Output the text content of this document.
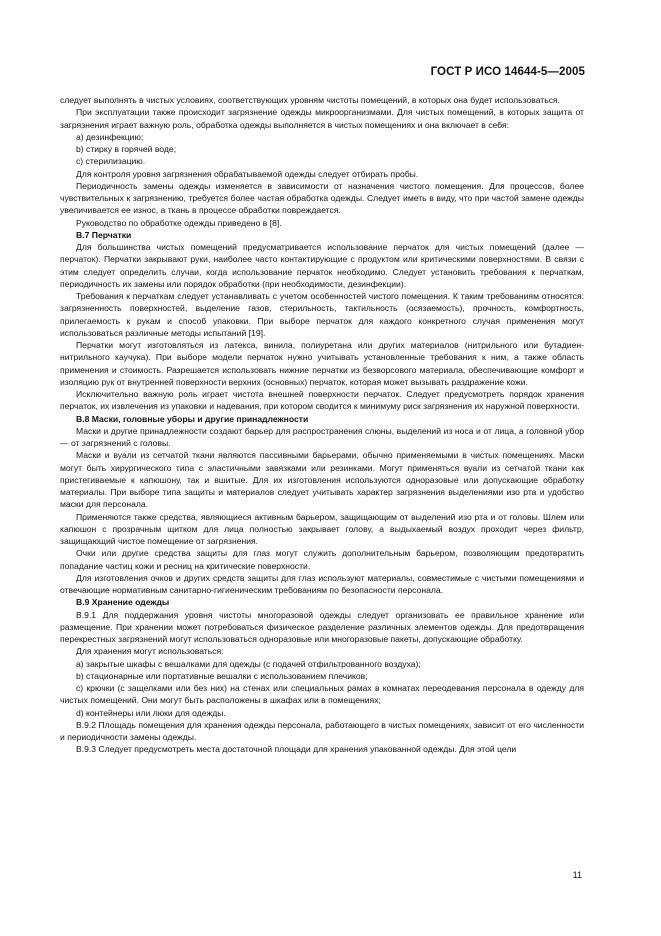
ГОСТ Р ИСО 14644-5—2005

следует выполнять в чистых условиях, соответствующих уровням чистоты помещений, в которых она будет использоваться.

При эксплуатации также происходит загрязнение одежды микроорганизмами. Для чистых помещений, в которых защита от загрязнения играет важную роль, обработка одежды выполняется в чистых помещениях и она включает в себя:

a) дезинфекцию;

b) стирку в горячей воде;

c) стерилизацию.

Для контроля уровня загрязнения обрабатываемой одежды следует отбирать пробы.

Периодичность замены одежды изменяется в зависимости от назначения чистого помещения. Для процессов, более чувствительных к загрязнению, требуется более частая обработка одежды. Следует иметь в виду, что при частой замене одежды увеличивается ее износ, а ткань в процессе обработки повреждается.

Руководство по обработке одежды приведено в [8].

В.7 Перчатки

Для большинства чистых помещений предусматривается использование перчаток для чистых помещений (далее — перчаток). Перчатки закрывают руки, наиболее часто контактирующие с продуктом или критическими поверхностями. В связи с этим следует определить случаи, когда использование перчаток необходимо. Следует установить требования к перчаткам, периодичность их замены или порядок обработки (при необходимости, дезинфекции).

Требования к перчаткам следует устанавливать с учетом особенностей чистого помещения. К таким требованиям относятся: загрязненность поверхностей, выделение газов, стерильность, тактильность (осязаемость), прочность, комфортность, прилегаемость к рукам и способ упаковки. При выборе перчаток для каждого конкретного случая применения могут использоваться различные методы испытаний [19].

Перчатки могут изготовляться из латекса, винила, полиуретана или других материалов (нитрильного или бутадиен-нитрильного каучука). При выборе модели перчаток нужно учитывать установленные требования к ним, а также область применения и стоимость. Разрешается использовать нижние перчатки из безворсового материала, обеспечивающие комфорт и изоляцию рук от внутренней поверхности верхних (основных) перчаток, которая может вызывать раздражение кожи.

Исключительно важную роль играет чистота внешней поверхности перчаток. Следует предусмотреть порядок хранения перчаток, их извлечения из упаковки и надевания, при котором сводится к минимуму риск загрязнения их наружной поверхности.

В.8 Маски, головные уборы и другие принадлежности

Маски и другие принадлежности создают барьер для распространения слюны, выделений из носа и от лица, а головной убор — от загрязнений с головы.

Маски и вуали из сетчатой ткани являются пассивными барьерами, обычно применяемыми в чистых помещениях. Маски могут быть хирургического типа с эластичными завязками или резинками. Могут применяться вуали из сетчатой ткани как пристегиваемые к капюшону, так и вшитые. Для их изготовления используются одноразовые или допускающие обработку материалы. При выборе типа защиты и материалов следует учитывать характер загрязнения выделениями изо рта и удобство маски для персонала.

Применяются также средства, являющиеся активным барьером, защищающим от выделений изо рта и от головы. Шлем или капюшон с прозрачным щитком для лица полностью закрывает голову, а выдыхаемый воздух проходит через фильтр, защищающий чистое помещение от загрязнения.

Очки или другие средства защиты для глаз могут служить дополнительным барьером, позволяющим предотвратить попадание частиц кожи и ресниц на критические поверхности.

Для изготовления очков и других средств защиты для глаз используют материалы, совместимые с чистыми помещениями и отвечающие нормативным санитарно-гигиеническим требованиям по безопасности персонала.

В.9 Хранение одежды

В.9.1 Для поддержания уровня чистоты многоразовой одежды следует организовать ее правильное хранение или размещение. При хранении может потребоваться физическое разделение различных элементов одежды. Для предотвращения перекрестных загрязнений могут использоваться одноразовые или многоразовые пакеты, допускающие обработку.

Для хранения могут использоваться:

a) закрытые шкафы с вешалками для одежды (с подачей отфильтрованного воздуха);

b) стационарные или портативные вешалки с использованием плечиков;

c) крючки (с защелками или без них) на стенах или специальных рамах в комнатах переодевания персонала в одежду для чистых помещений. Они могут быть расположены в шкафах или в помещениях;

d) контейнеры или люки для одежды.

В.9.2 Площадь помещения для хранения одежды персонала, работающего в чистых помещениях, зависит от его численности и периодичности замены одежды.

В.9.3 Следует предусмотреть места достаточной площади для хранения упакованной одежды. Для этой цели

11
